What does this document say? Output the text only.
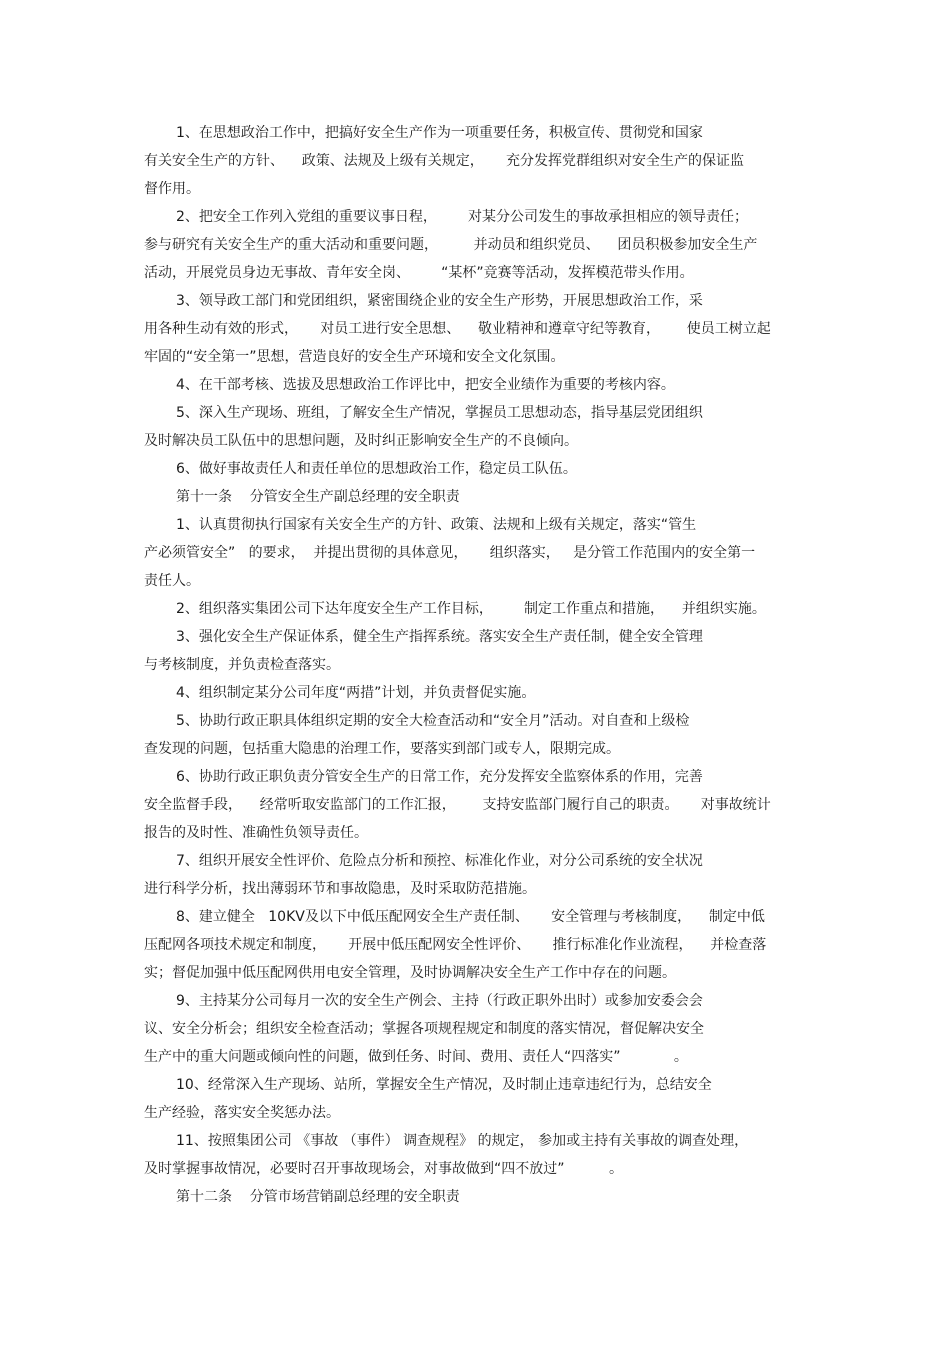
1、在思想政治工作中，把搞好安全生产作为一项重要任务，积极宣传、贯彻党和国家
有关安全生产的方针、    政策、法规及上级有关规定，     充分发挥党群组织对安全生产的保证监
督作用。
2、把安全工作列入党组的重要议事日程，       对某分公司发生的事故承担相应的领导责任；
参与研究有关安全生产的重大活动和重要问题，        并动员和组织党员、    团员积极参加安全生产
活动，开展党员身边无事故、青年安全岗、       “某杯”竞赛等活动，发挥模范带头作用。
3、领导政工部门和党团组织，紧密围绕企业的安全生产形势，开展思想政治工作，采
用各种生动有效的形式，     对员工进行安全思想、    敬业精神和遵章守纪等教育，      使员工树立起
牢固的“安全第一”思想，营造良好的安全生产环境和安全文化氛围。
4、在干部考核、选拔及思想政治工作评比中，把安全业绩作为重要的考核内容。
5、深入生产现场、班组，了解安全生产情况，掌握员工思想动态，指导基层党团组织
及时解决员工队伍中的思想问题，及时纠正影响安全生产的不良倾向。
6、做好事故责任人和责任单位的思想政治工作，稳定员工队伍。
第十一条    分管安全生产副总经理的安全职责
1、认真贯彻执行国家有关安全生产的方针、政策、法规和上级有关规定，落实“管生
产必须管安全”   的要求，  并提出贯彻的具体意见，     组织落实，   是分管工作范围内的安全第一
责任人。
2、组织落实集团公司下达年度安全生产工作目标，       制定工作重点和措施，    并组织实施。
3、强化安全生产保证体系，健全生产指挥系统。落实安全生产责任制，健全安全管理
与考核制度，并负责检查落实。
4、组织制定某分公司年度“两措”计划，并负责督促实施。
5、协助行政正职具体组织定期的安全大检查活动和“安全月”活动。对自查和上级检
查发现的问题，包括重大隐患的治理工作，要落实到部门或专人，限期完成。
6、协助行政正职负责分管安全生产的日常工作，充分发挥安全监察体系的作用，完善
安全监督手段，    经常听取安监部门的工作汇报，      支持安监部门履行自己的职责。     对事故统计
报告的及时性、准确性负领导责任。
7、组织开展安全性评价、危险点分析和预控、标准化作业，对分公司系统的安全状况
进行科学分析，找出薄弱环节和事故隐患，及时采取防范措施。
8、建立健全   10KV及以下中低压配网安全生产责任制、     安全管理与考核制度，    制定中低
压配网各项技术规定和制度，     开展中低压配网安全性评价、     推行标准化作业流程，    并检查落
实；督促加强中低压配网供用电安全管理，及时协调解决安全生产工作中存在的问题。
9、主持某分公司每月一次的安全生产例会、主持（行政正职外出时）或参加安委会会
议、安全分析会；组织安全检查活动；掌握各项规程规定和制度的落实情况，督促解决安全
生产中的重大问题或倾向性的问题，做到任务、时间、费用、责任人“四落实”            。
10、经常深入生产现场、站所，掌握安全生产情况，及时制止违章违纪行为，总结安全
生产经验，落实安全奖惩办法。
11、按照集团公司 《事故 （事件） 调查规程》 的规定， 参加或主持有关事故的调查处理，
及时掌握事故情况，必要时召开事故现场会，对事故做到“四不放过”          。
第十二条    分管市场营销副总经理的安全职责
